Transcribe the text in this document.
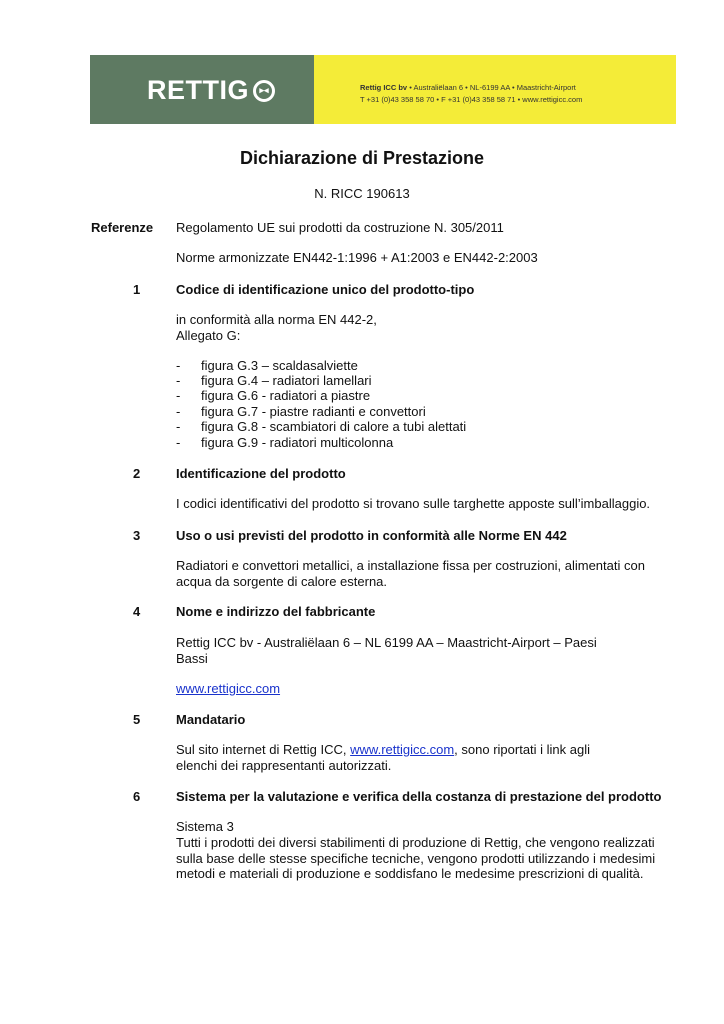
RETTIG ▸◂	Rettig ICC bv • Australiëlaan 6 • NL-6199 AA • Maastricht-Airport
T +31 (0)43 358 58 70 • F +31 (0)43 358 58 71 • www.rettigicc.com
Dichiarazione di Prestazione
N. RICC 190613
Referenze Regolamento UE sui prodotti da costruzione N. 305/2011
Norme armonizzate EN442-1:1996 + A1:2003 e EN442-2:2003
1	Codice di identificazione unico del prodotto-tipo
in conformità alla norma EN 442-2,
Allegato G:
- figura G.3 – scaldasalviette
- figura G.4 – radiatori lamellari
- figura G.6 - radiatori a piastre
- figura G.7 - piastre radianti e convettori
- figura G.8 - scambiatori di calore a tubi alettati
- figura G.9 - radiatori multicolonna
2	Identificazione del prodotto
I codici identificativi del prodotto si trovano sulle targhette apposte sull’imballaggio.
3	Uso o usi previsti del prodotto in conformità alle Norme EN 442
Radiatori e convettori metallici, a installazione fissa per costruzioni, alimentati con
acqua da sorgente di calore esterna.
4	Nome e indirizzo del fabbricante
Rettig ICC bv - Australiëlaan 6 – NL 6199 AA – Maastricht-Airport – Paesi
Bassi
www.rettigicc.com
5	Mandatario
Sul sito internet di Rettig ICC, www.rettigicc.com, sono riportati i link agli
elenchi dei rappresentanti autorizzati.
6	Sistema per la valutazione e verifica della costanza di prestazione del prodotto
Sistema 3
Tutti i prodotti dei diversi stabilimenti di produzione di Rettig, che vengono realizzati
sulla base delle stesse specifiche tecniche, vengono prodotti utilizzando i medesimi
metodi e materiali di produzione e soddisfano le medesime prescrizioni di qualità.
